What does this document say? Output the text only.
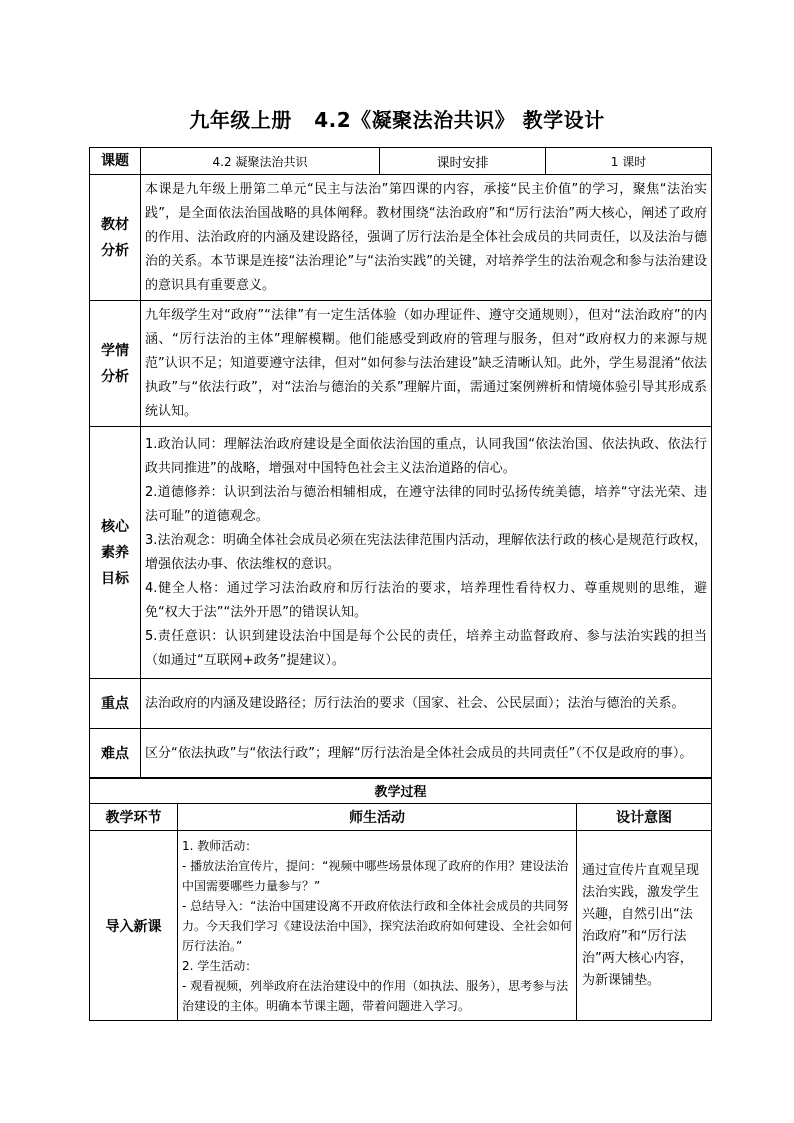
九年级上册   4.2《凝聚法治共识》 教学设计
课题	4.2 凝聚法治共识	课时安排	1 课时

教材分析	本课是九年级上册第二单元“民主与法治”第四课的内容，承接“民主价值”的学习，聚焦“法治实践”，是全面依法治国战略的具体阐释。教材围绕“法治政府”和“厉行法治”两大核心，阐述了政府的作用、法治政府的内涵及建设路径，强调了厉行法治是全体社会成员的共同责任，以及法治与德治的关系。本节课是连接“法治理论”与“法治实践”的关键，对培养学生的法治观念和参与法治建设的意识具有重要意义。		

学情分析	九年级学生对“政府”“法律”有一定生活体验（如办理证件、遵守交通规则），但对“法治政府”的内涵、“厉行法治的主体”理解模糊。他们能感受到政府的管理与服务，但对“政府权力的来源与规范”认识不足；知道要遵守法律，但对“如何参与法治建设”缺乏清晰认知。此外，学生易混淆“依法执政”与“依法行政”，对“法治与德治的关系”理解片面，需通过案例辨析和情境体验引导其形成系统认知。		

核心素养目标	1.政治认同：理解法治政府建设是全面依法治国的重点，认同我国“依法治国、依法执政、依法行政共同推进”的战略，增强对中国特色社会主义法治道路的信心。

2.道德修养：认识到法治与德治相辅相成，在遵守法律的同时弘扬传统美德，培养“守法光荣、违法可耻”的道德观念。

3.法治观念：明确全体社会成员必须在宪法法律范围内活动，理解依法行政的核心是规范行政权，增强依法办事、依法维权的意识。

4.健全人格：通过学习法治政府和厉行法治的要求，培养理性看待权力、尊重规则的思维，避免“权大于法”“法外开恩”的错误认知。

5.责任意识：认识到建设法治中国是每个公民的责任，培养主动监督政府、参与法治实践的担当（如通过“互联网+政务”提建议）。		

重点	法治政府的内涵及建设路径；厉行法治的要求（国家、社会、公民层面）；法治与德治的关系。		
难点	区分“依法执政”与“依法行政”；理解“厉行法治是全体社会成员的共同责任”（不仅是政府的事）。		
教学过程		
教学环节	师生活动	设计意图
导入新课	1. 教师活动：

- 播放法治宣传片，提问：“视频中哪些场景体现了政府的作用？建设法治中国需要哪些力量参与？”

- 总结导入：“法治中国建设离不开政府依法行政和全体社会成员的共同努力。今天我们学习《建设法治中国》，探究法治政府如何建设、全社会如何厉行法治。”

2. 学生活动：

- 观看视频，列举政府在法治建设中的作用（如执法、服务），思考参与法治建设的主体。明确本节课主题，带着问题进入学习。	通过宣传片直观呈现法治实践，激发学生兴趣，自然引出“法治政府”和“厉行法治”两大核心内容，为新课铺垫。
